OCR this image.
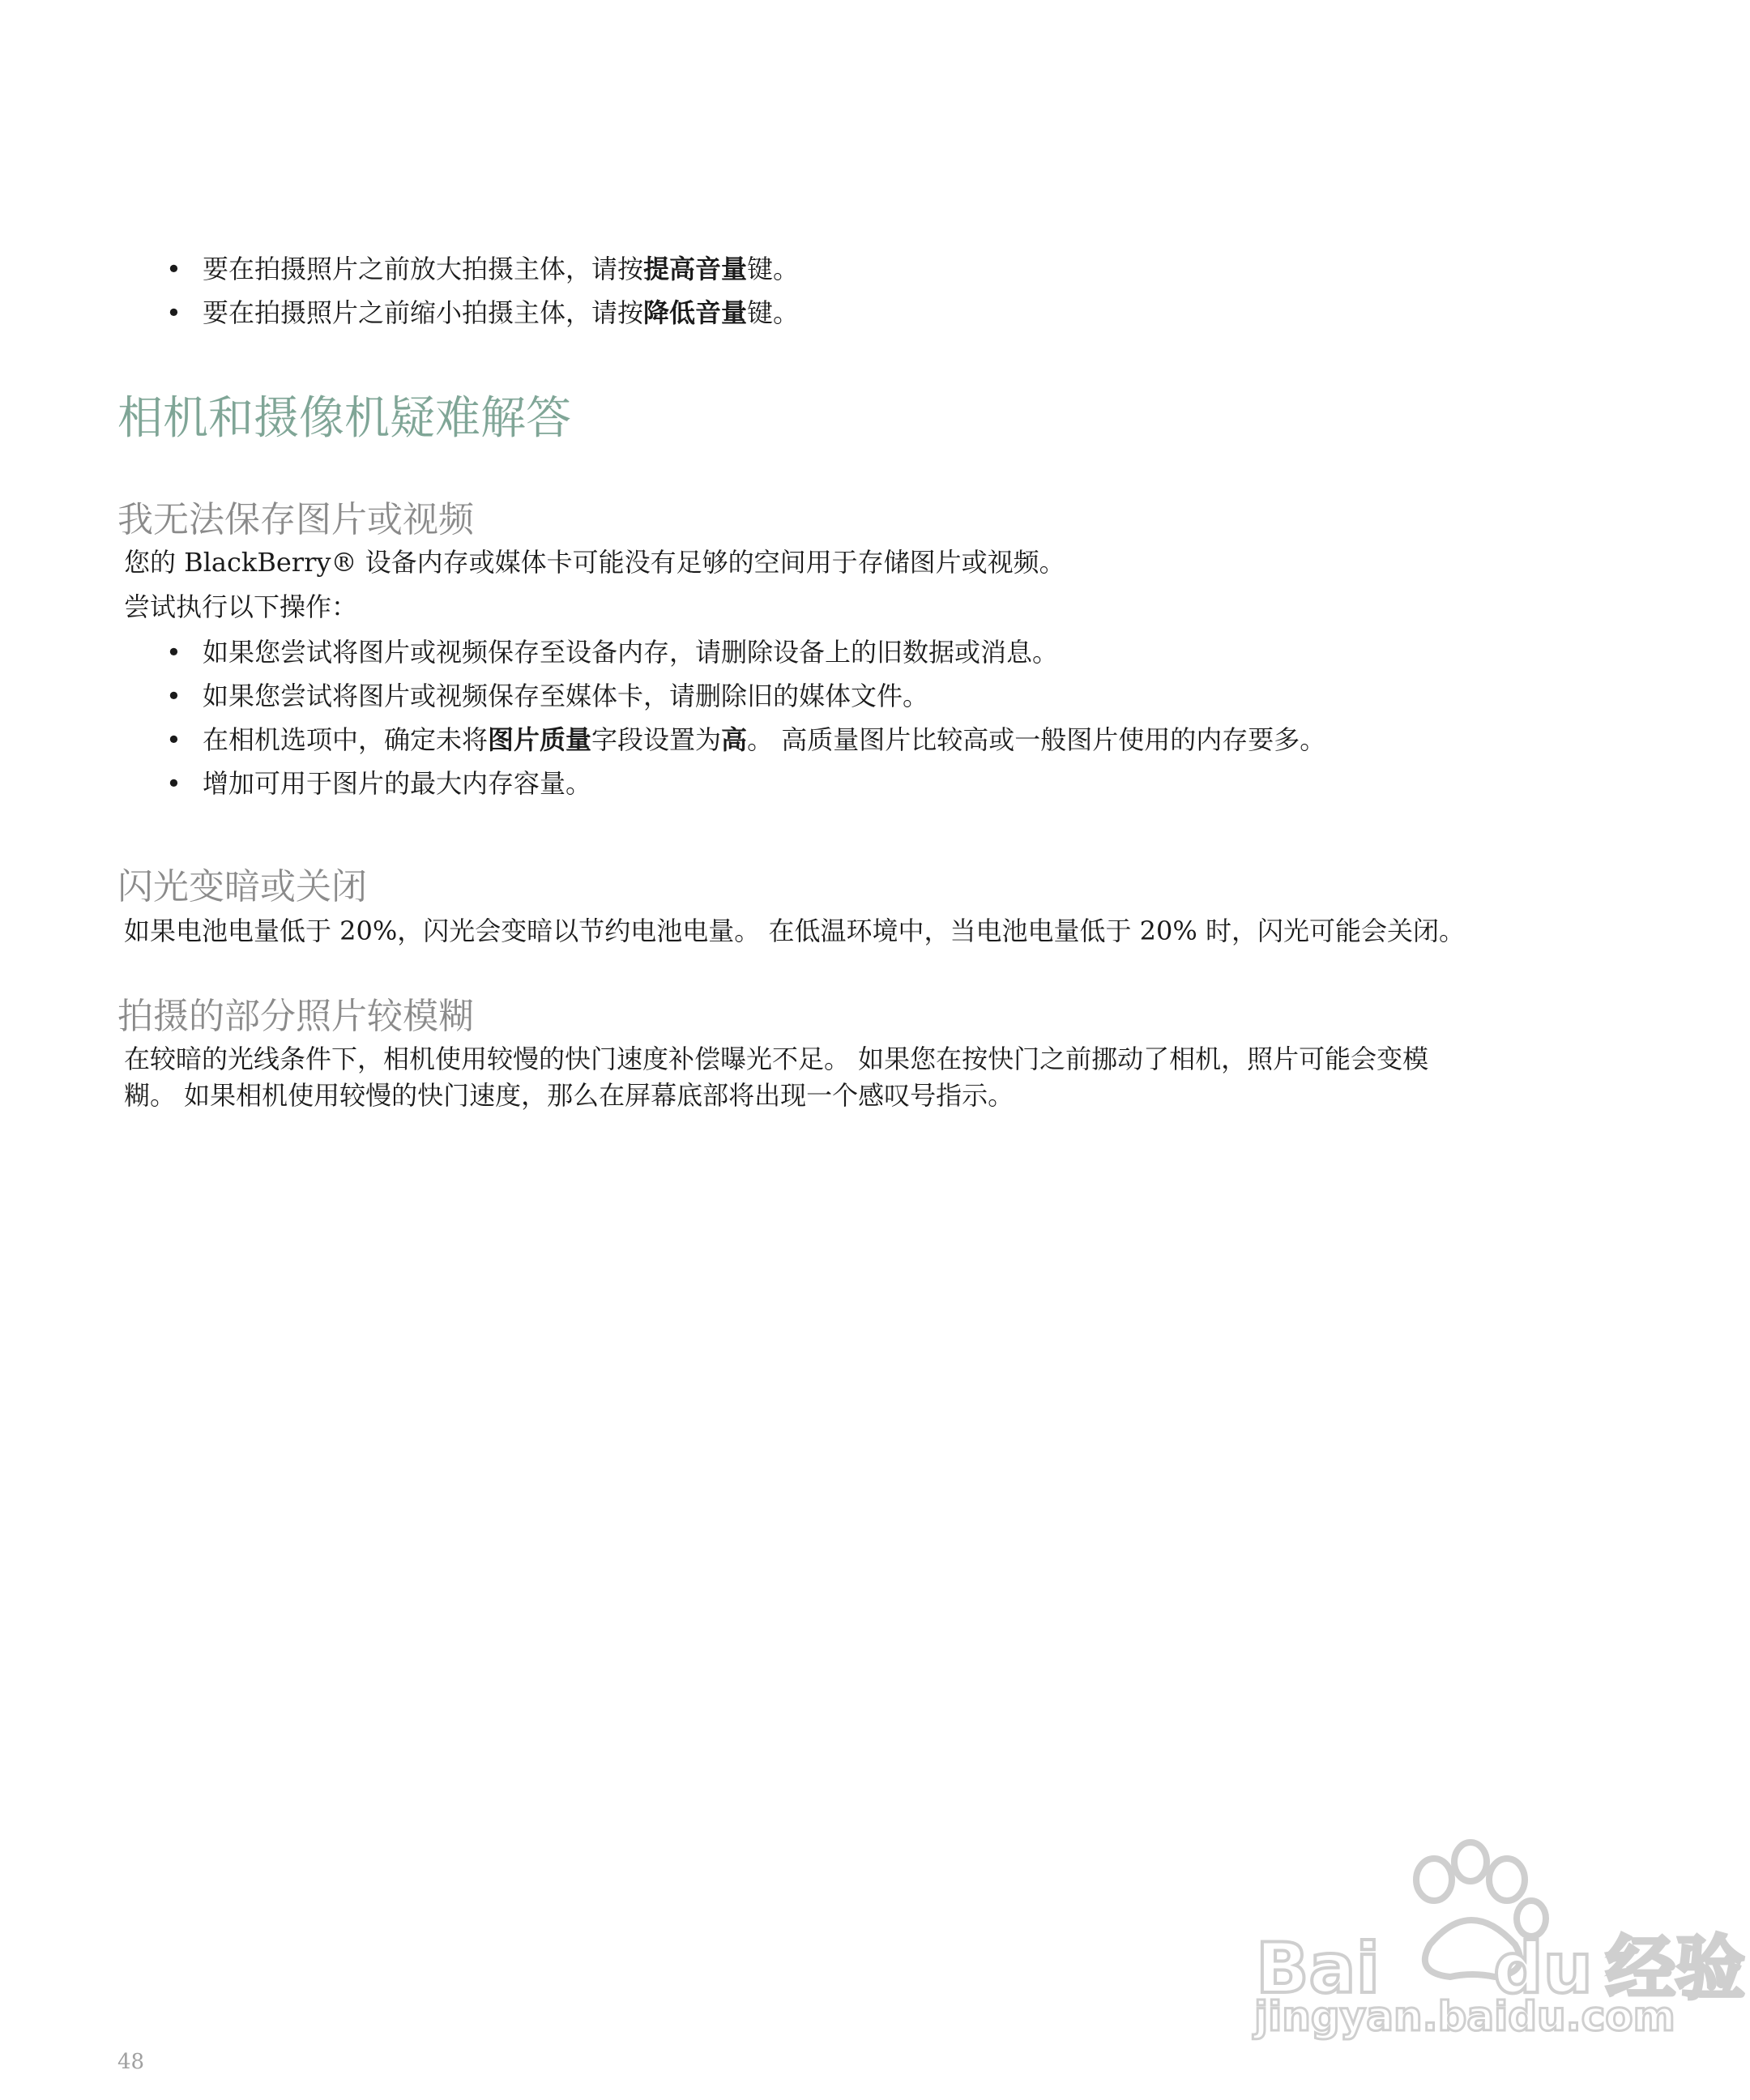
• 要在拍摄照片之前放大拍摄主体，请按提高音量键。
• 要在拍摄照片之前缩小拍摄主体，请按降低音量键。
相机和摄像机疑难解答
我无法保存图片或视频

您的 BlackBerry® 设备内存或媒体卡可能没有足够的空间用于存储图片或视频。

尝试执行以下操作：

• 如果您尝试将图片或视频保存至设备内存，请删除设备上的旧数据或消息。
• 如果您尝试将图片或视频保存至媒体卡，请删除旧的媒体文件。
• 在相机选项中，确定未将图片质量字段设置为高。 高质量图片比较高或一般图片使用的内存要多。
• 增加可用于图片的最大内存容量。
闪光变暗或关闭

如果电池电量低于 20%，闪光会变暗以节约电池电量。 在低温环境中，当电池电量低于 20% 时，闪光可能会关闭。

拍摄的部分照片较模糊

在较暗的光线条件下，相机使用较慢的快门速度补偿曝光不足。 如果您在按快门之前挪动了相机，照片可能会变模

糊。 如果相机使用较慢的快门速度，那么在屏幕底部将出现一个感叹号指示。

Bai du 经验
jingyan.baidu.com
48
